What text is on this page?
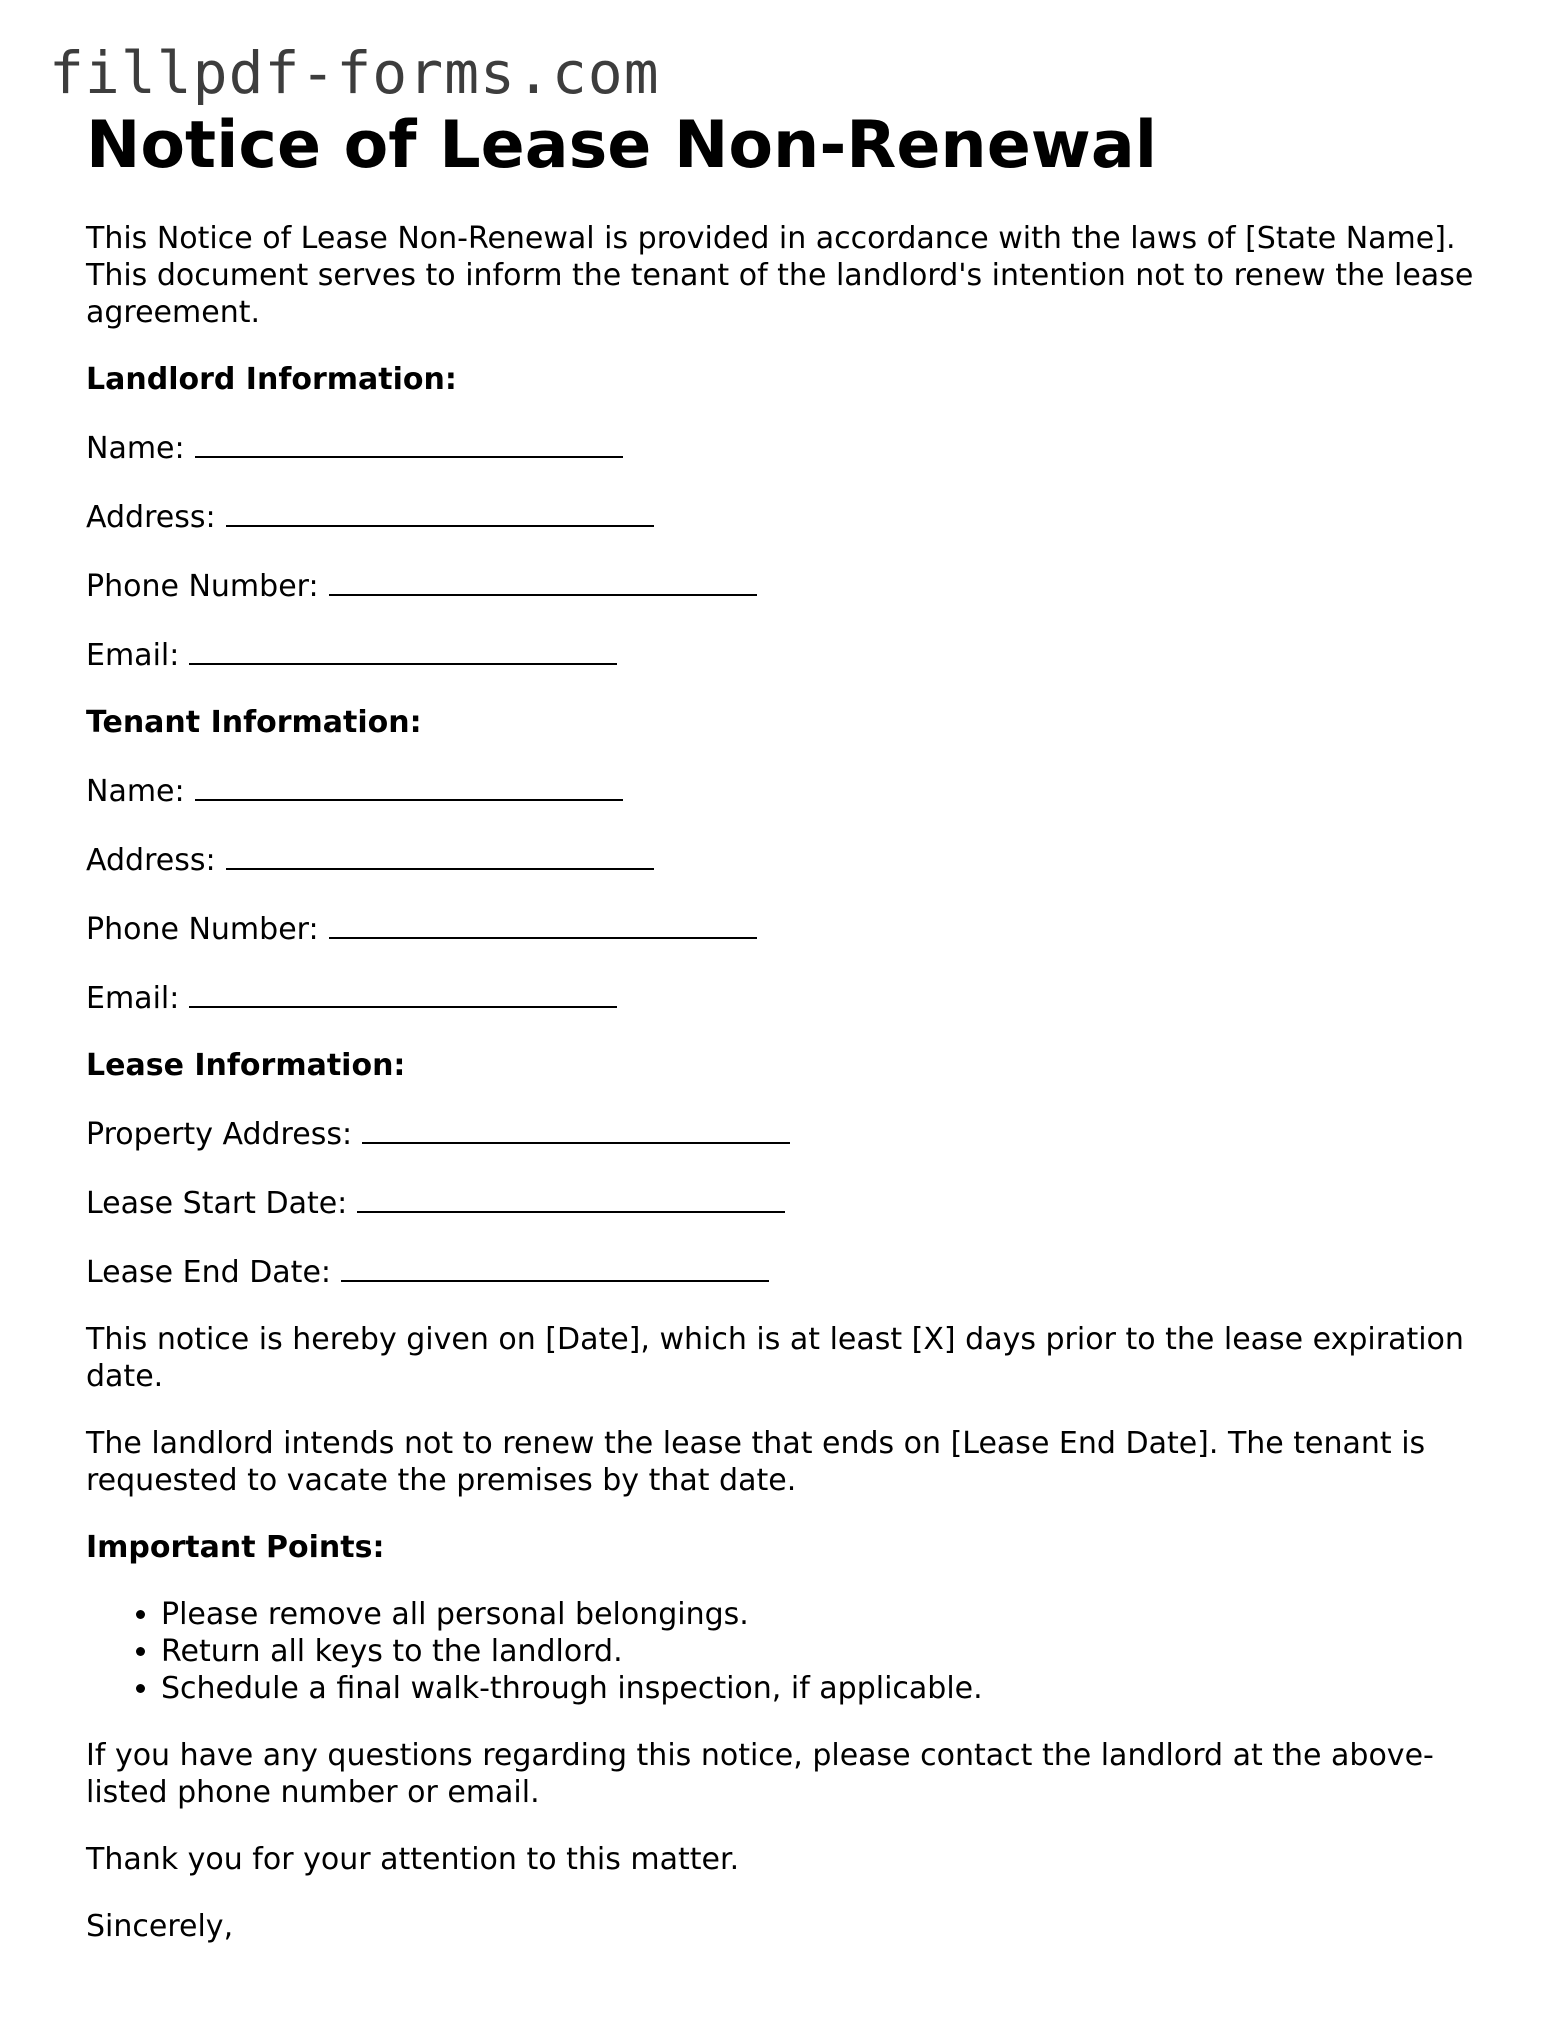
fillpdf-forms.com
Notice of Lease Non-Renewal

This Notice of Lease Non-Renewal is provided in accordance with the laws of [State Name]. This document serves to inform the tenant of the landlord's intention not to renew the lease agreement.

Landlord Information:
Name:
Address:
Phone Number:
Email:
Tenant Information:
Name:
Address:
Phone Number:
Email:
Lease Information:
Property Address:
Lease Start Date:
Lease End Date:

This notice is hereby given on [Date], which is at least [X] days prior to the lease expiration date.

The landlord intends not to renew the lease that ends on [Lease End Date]. The tenant is requested to vacate the premises by that date.

Important Points:
• Please remove all personal belongings.
• Return all keys to the landlord.
• Schedule a final walk-through inspection, if applicable.

If you have any questions regarding this notice, please contact the landlord at the above-listed phone number or email.

Thank you for your attention to this matter.

Sincerely,
